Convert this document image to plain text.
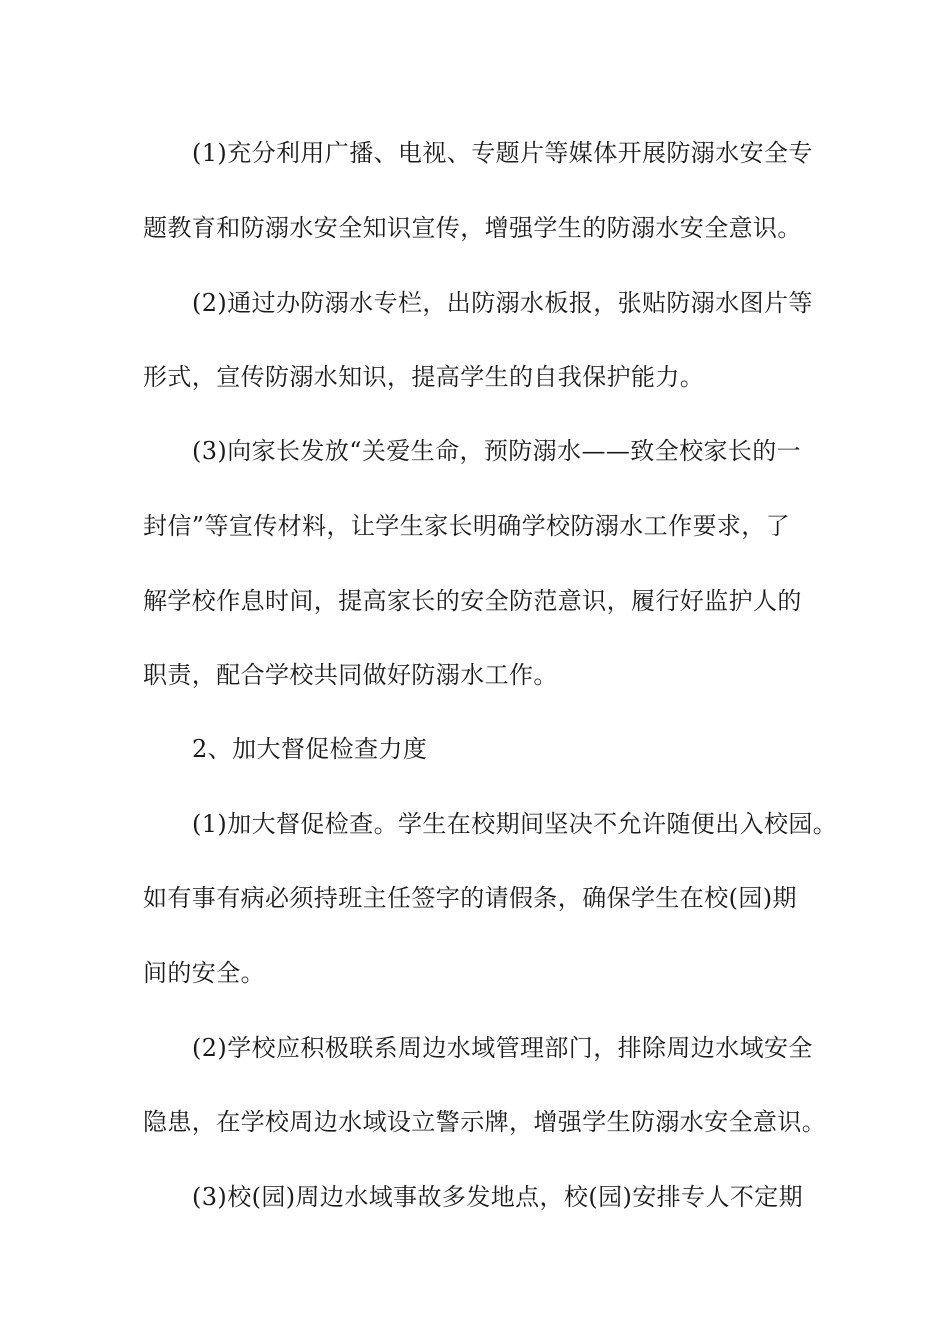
(1)充分利用广播、电视、专题片等媒体开展防溺水安全专
题教育和防溺水安全知识宣传，增强学生的防溺水安全意识。
(2)通过办防溺水专栏，出防溺水板报，张贴防溺水图片等
形式，宣传防溺水知识，提高学生的自我保护能力。
(3)向家长发放“关爱生命，预防溺水——致全校家长的一
封信”等宣传材料，让学生家长明确学校防溺水工作要求，了
解学校作息时间，提高家长的安全防范意识，履行好监护人的
职责，配合学校共同做好防溺水工作。
2、加大督促检查力度
(1)加大督促检查。学生在校期间坚决不允许随便出入校园。
如有事有病必须持班主任签字的请假条，确保学生在校(园)期
间的安全。
(2)学校应积极联系周边水域管理部门，排除周边水域安全
隐患，在学校周边水域设立警示牌，增强学生防溺水安全意识。
(3)校(园)周边水域事故多发地点，校(园)安排专人不定期
